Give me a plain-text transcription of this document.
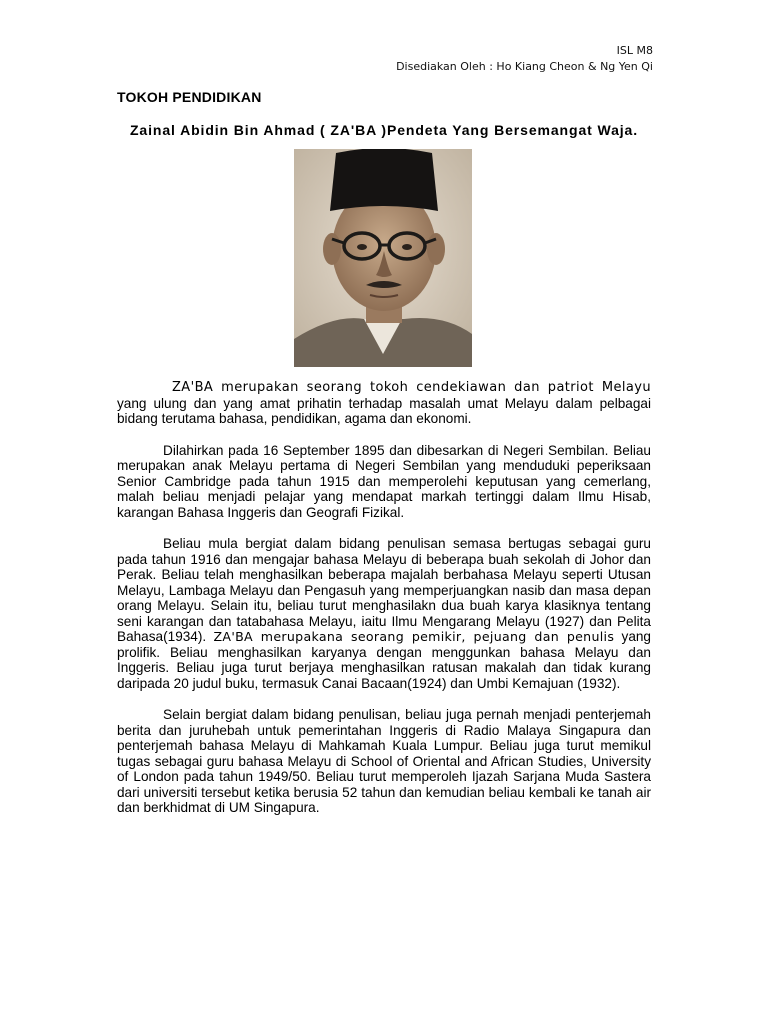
ISL M8
Disediakan Oleh : Ho Kiang Cheon & Ng Yen Qi
TOKOH PENDIDIKAN
Zainal Abidin Bin Ahmad ( ZA'BA )Pendeta Yang Bersemangat Waja.

ZA'BA merupakan seorang tokoh cendekiawan dan patriot Melayu yang ulung dan yang amat prihatin terhadap masalah umat Melayu dalam pelbagai bidang terutama bahasa, pendidikan, agama dan ekonomi.

Dilahirkan pada 16 September 1895 dan dibesarkan di Negeri Sembilan. Beliau merupakan anak Melayu pertama di Negeri Sembilan yang menduduki peperiksaan Senior Cambridge pada tahun 1915 dan memperolehi keputusan yang cemerlang, malah beliau menjadi pelajar yang mendapat markah tertinggi dalam Ilmu Hisab, karangan Bahasa Inggeris dan Geografi Fizikal.

Beliau mula bergiat dalam bidang penulisan semasa bertugas sebagai guru pada tahun 1916 dan mengajar bahasa Melayu di beberapa buah sekolah di Johor dan Perak. Beliau telah menghasilkan beberapa majalah berbahasa Melayu seperti Utusan Melayu, Lambaga Melayu dan Pengasuh yang memperjuangkan nasib dan masa depan orang Melayu. Selain itu, beliau turut menghasilakn dua buah karya klasiknya tentang seni karangan dan tatabahasa Melayu, iaitu Ilmu Mengarang Melayu (1927) dan Pelita Bahasa(1934). ZA'BA merupakana seorang pemikir, pejuang dan penulis yang prolifik. Beliau menghasilkan karyanya dengan menggunkan bahasa Melayu dan Inggeris. Beliau juga turut berjaya menghasilkan ratusan makalah dan tidak kurang daripada 20 judul buku, termasuk Canai Bacaan(1924) dan Umbi Kemajuan (1932).

Selain bergiat dalam bidang penulisan, beliau juga pernah menjadi penterjemah berita dan juruhebah untuk pemerintahan Inggeris di Radio Malaya Singapura dan penterjemah bahasa Melayu di Mahkamah Kuala Lumpur. Beliau juga turut memikul tugas sebagai guru bahasa Melayu di School of Oriental and African Studies, University of London pada tahun 1949/50. Beliau turut memperoleh Ijazah Sarjana Muda Sastera dari universiti tersebut ketika berusia 52 tahun dan kemudian beliau kembali ke tanah air dan berkhidmat di UM Singapura.
